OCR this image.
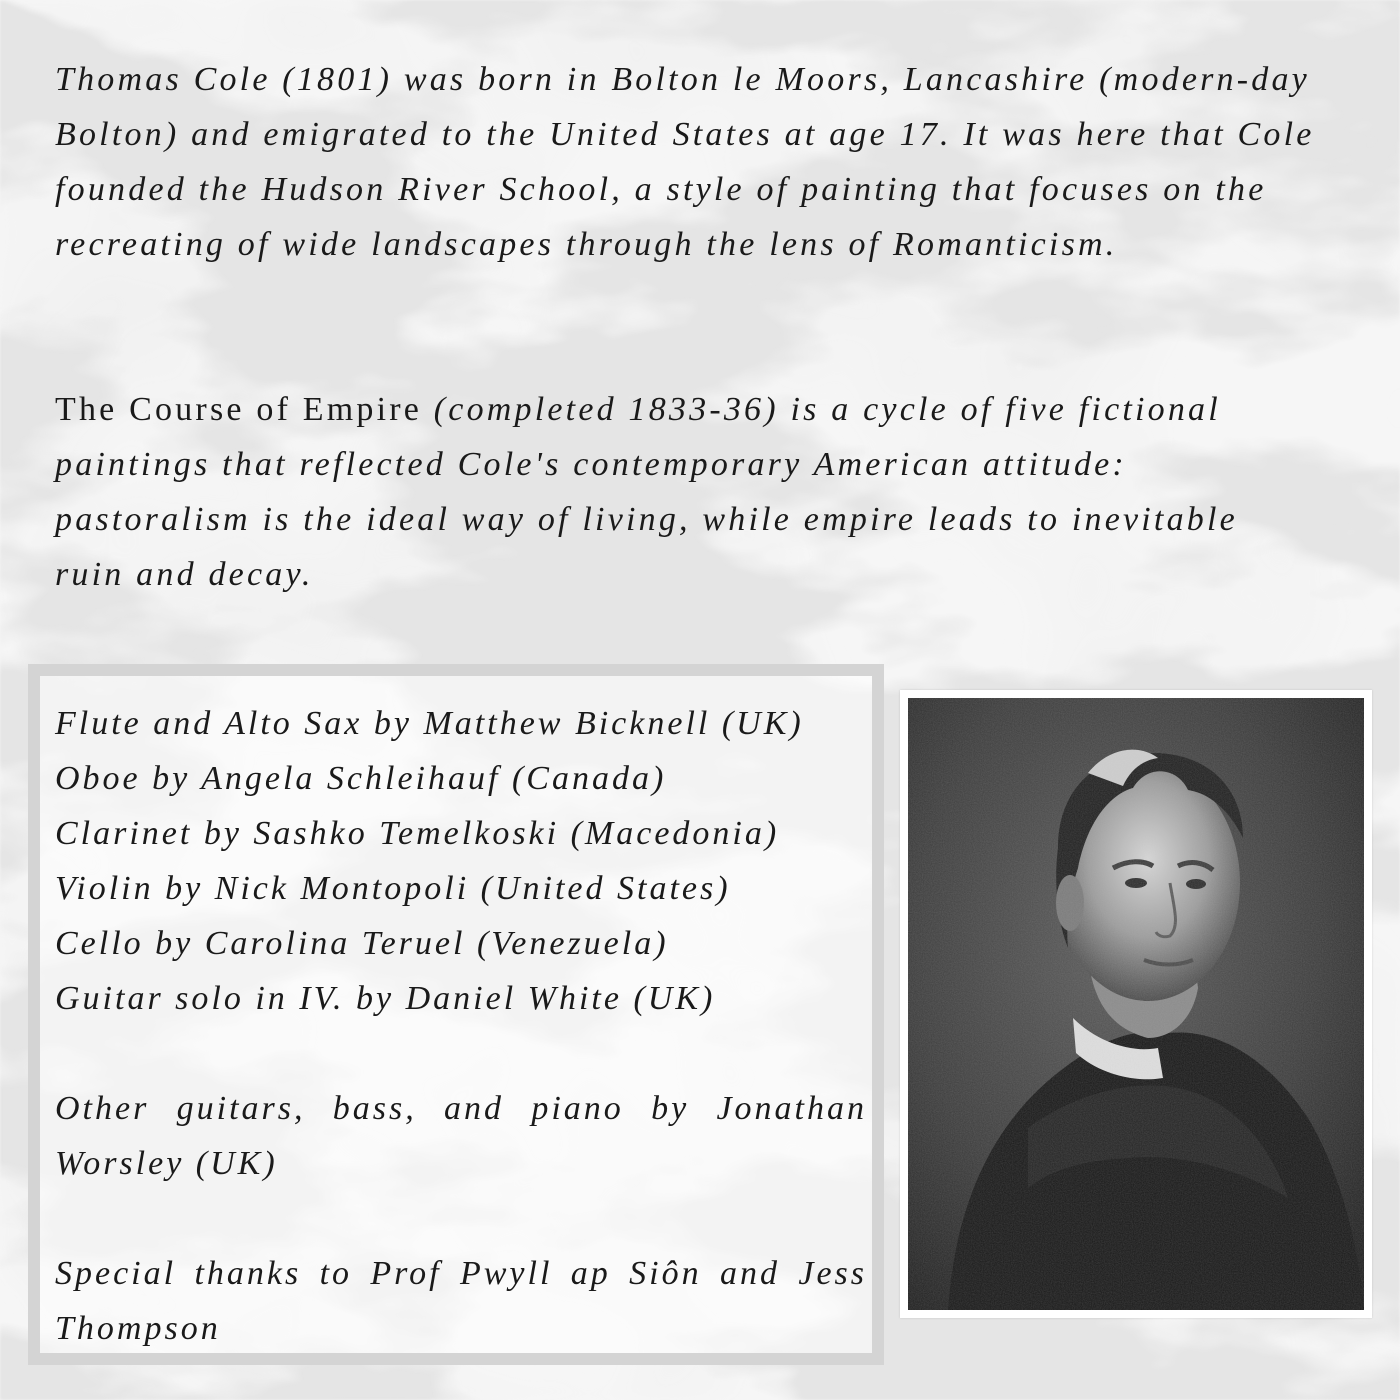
Thomas Cole (1801) was born in Bolton le Moors, Lancashire (modern-day Bolton) and emigrated to the United States at age 17. It was here that Cole founded the Hudson River School, a style of painting that focuses on the recreating of wide landscapes through the lens of Romanticism.

The Course of Empire (completed 1833-36) is a cycle of five fictional paintings that reflected Cole's contemporary American attitude: pastoralism is the ideal way of living, while empire leads to inevitable ruin and decay.

Flute and Alto Sax by Matthew Bicknell (UK)
Oboe by Angela Schleihauf (Canada)
Clarinet by Sashko Temelkoski (Macedonia)
Violin by Nick Montopoli (United States)
Cello by Carolina Teruel (Venezuela)
Guitar solo in IV. by Daniel White (UK)
Other guitars, bass, and piano by Jonathan Worsley (UK)
Special thanks to Prof Pwyll ap Siôn and Jess Thompson
